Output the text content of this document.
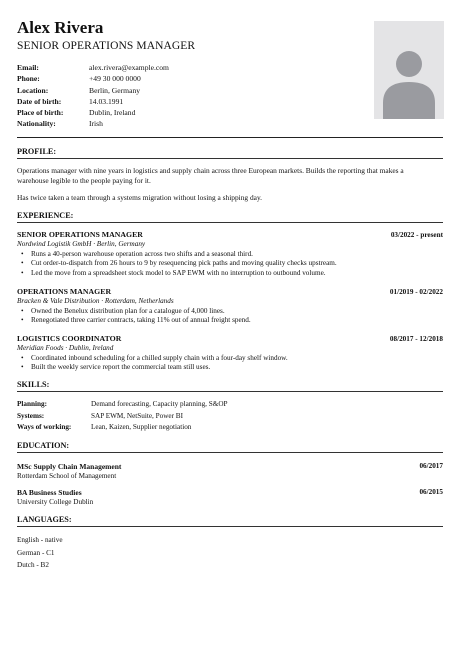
Alex Rivera
SENIOR OPERATIONS MANAGER
Email:	alex.rivera@example.com
Phone:	+49 30 000 0000
Location:	Berlin, Germany
Date of birth:	14.03.1991
Place of birth:	Dublin, Ireland
Nationality:	Irish
PROFILE:
Operations manager with nine years in logistics and supply chain across three European markets. Builds the reporting that makes a warehouse legible to the people paying for it.
Has twice taken a team through a systems migration without losing a shipping day.
EXPERIENCE:
SENIOR OPERATIONS MANAGER	03/2022 - present
Nordwind Logistik GmbH · Berlin, Germany
• Runs a 40-person warehouse operation across two shifts and a seasonal third.
• Cut order-to-dispatch from 26 hours to 9 by resequencing pick paths and moving quality checks upstream.
• Led the move from a spreadsheet stock model to SAP EWM with no interruption to outbound volume.
OPERATIONS MANAGER	01/2019 - 02/2022
Bracken & Vale Distribution · Rotterdam, Netherlands
• Owned the Benelux distribution plan for a catalogue of 4,000 lines.
• Renegotiated three carrier contracts, taking 11% out of annual freight spend.
LOGISTICS COORDINATOR	08/2017 - 12/2018
Meridian Foods · Dublin, Ireland
• Coordinated inbound scheduling for a chilled supply chain with a four-day shelf window.
• Built the weekly service report the commercial team still uses.
SKILLS:
Planning:	Demand forecasting, Capacity planning, S&OP
Systems:	SAP EWM, NetSuite, Power BI
Ways of working:	Lean, Kaizen, Supplier negotiation
EDUCATION:
MSc Supply Chain Management	06/2017
Rotterdam School of Management
BA Business Studies	06/2015
University College Dublin
LANGUAGES:
English - native
German - C1
Dutch - B2
